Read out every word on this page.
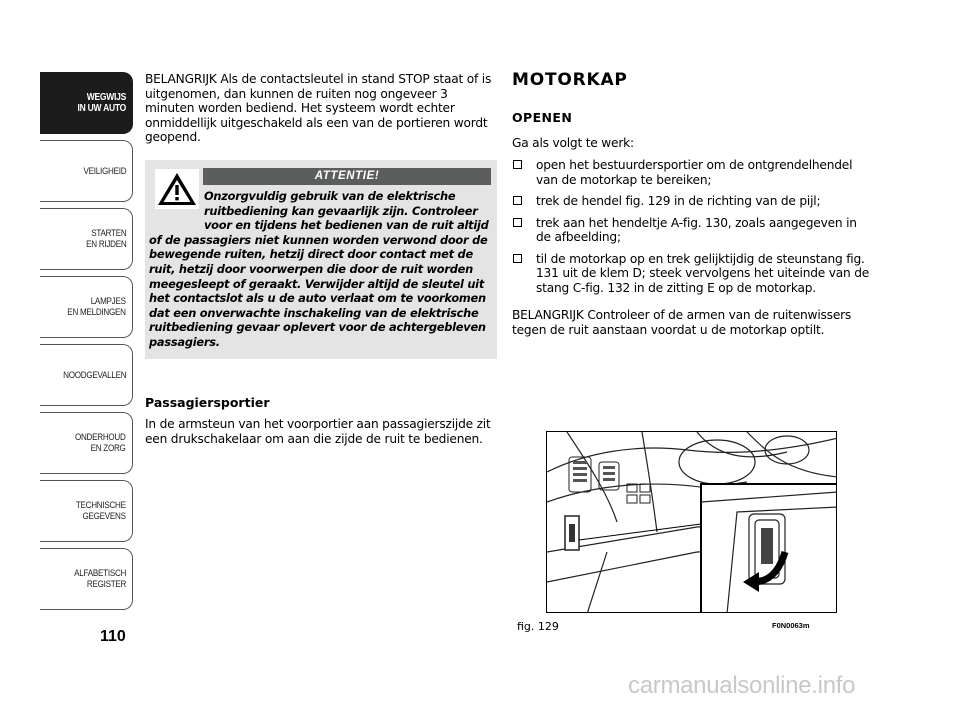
WEGWIJS
IN UW AUTO
VEILIGHEID
STARTEN
EN RIJDEN
LAMPJES
EN MELDINGEN
NOODGEVALLEN
ONDERHOUD
EN ZORG
TECHNISCHE
GEGEVENS
ALFABETISCH
REGISTER
110
BELANGRIJK Als de contactsleutel in stand STOP staat of is uitgenomen, dan kunnen de ruiten nog ongeveer 3 minuten worden bediend. Het systeem wordt echter onmiddellijk uitgeschakeld als een van de portieren wordt geopend.
ATTENTIE!
Onzorgvuldig gebruik van de elektrische ruitbediening kan gevaarlijk zijn. Controleer voor en tijdens het bedienen van de ruit altijd of de passagiers niet kunnen worden verwond door de bewegende ruiten, hetzij direct door contact met de ruit, hetzij door voorwerpen die door de ruit worden meegesleept of geraakt. Verwijder altijd de sleutel uit het contactslot als u de auto verlaat om te voorkomen dat een onverwachte inschakeling van de elektrische ruitbediening gevaar oplevert voor de achtergebleven passagiers.
Passagiersportier
In de armsteun van het voorportier aan passagierszijde zit een drukschakelaar om aan die zijde de ruit te bedienen.
MOTORKAP
OPENEN
Ga als volgt te werk:
open het bestuurdersportier om de ontgrendelhendel van de motorkap te bereiken;
trek de hendel fig. 129 in de richting van de pijl;
trek aan het hendeltje A-fig. 130, zoals aangegeven in de afbeelding;
til de motorkap op en trek gelijktijdig de steunstang fig. 131 uit de klem D; steek vervolgens het uiteinde van de stang C-fig. 132 in de zitting E op de motorkap.
BELANGRIJK Controleer of de armen van de ruitenwissers tegen de ruit aanstaan voordat u de motorkap optilt.
fig. 129	F0N0063m
carmanualsonline.info
